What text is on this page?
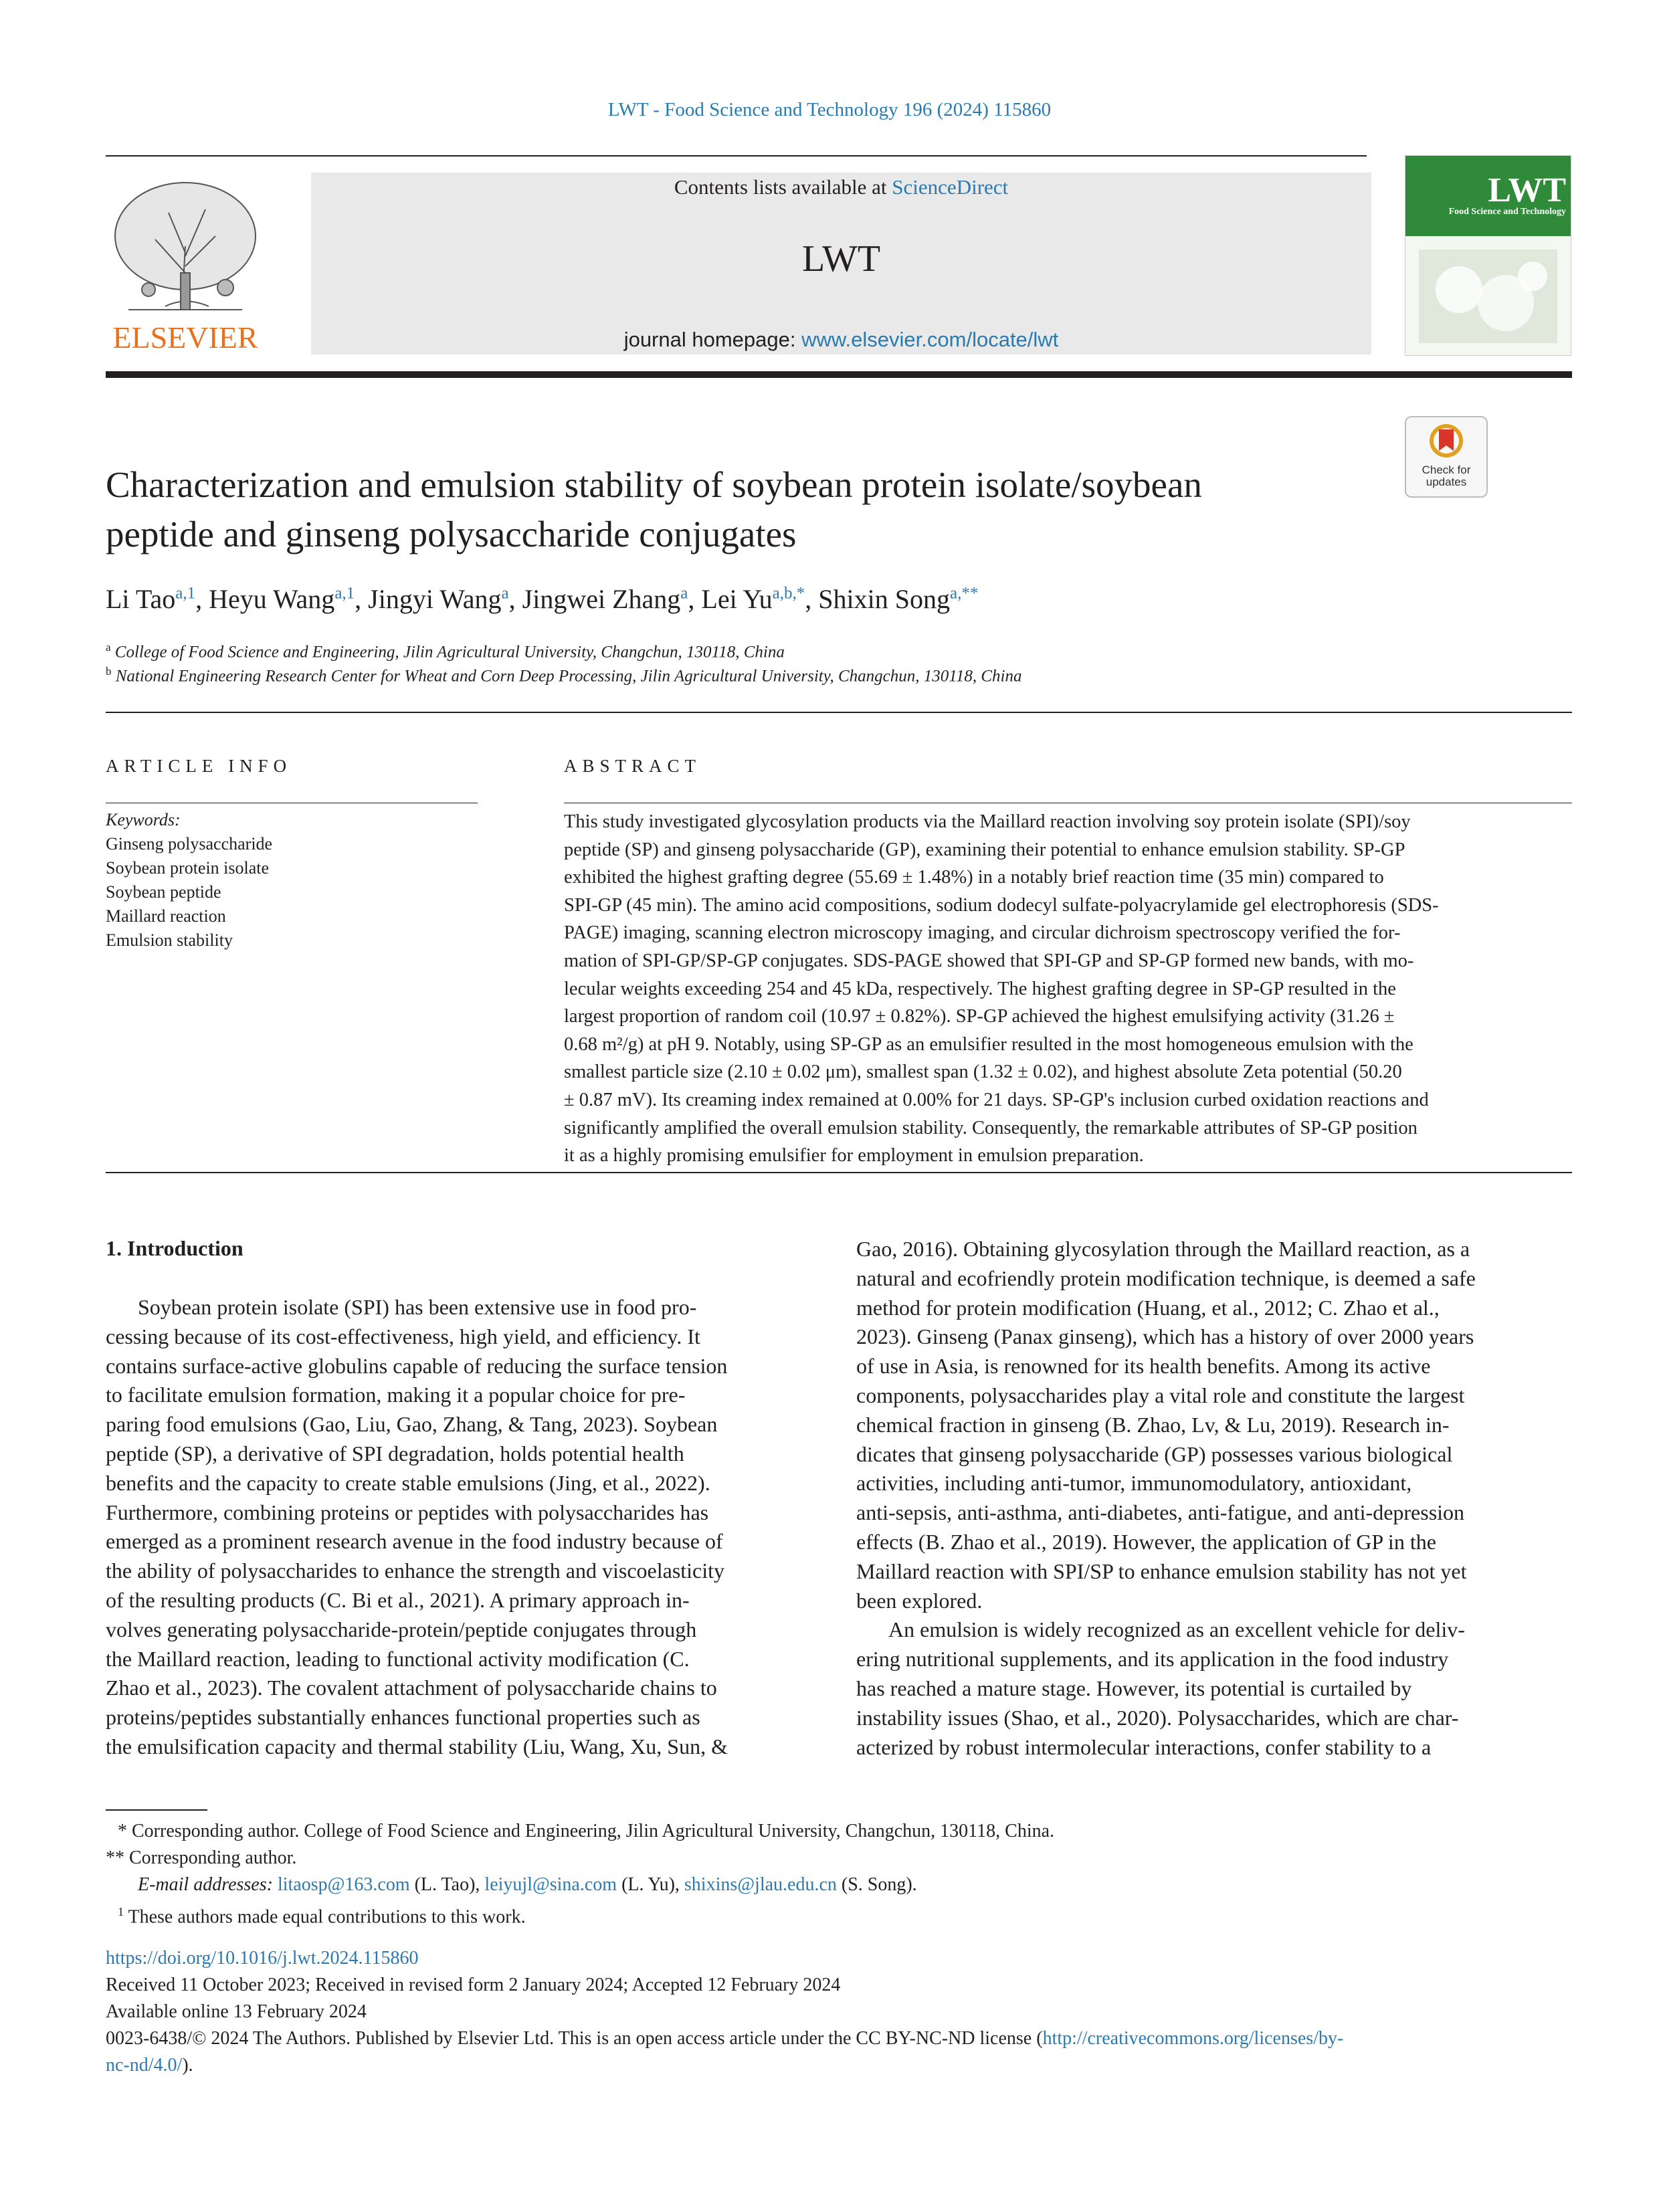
LWT - Food Science and Technology 196 (2024) 115860
ELSEVIER
Contents lists available at ScienceDirect
LWT
journal homepage: www.elsevier.com/locate/lwt
LWT
Food Science and Technology
Check for updates
Characterization and emulsion stability of soybean protein isolate/soybean
peptide and ginseng polysaccharide conjugates
Li Tao$^{a,1}$, Heyu Wang$^{a,1}$, Jingyi Wang$^a$, Jingwei Zhang$^a$, Lei $Yu^{a,b,*}$, Shixin Song$^{a,**}$
$^a$ College of Food Science and Engineering, Jilin Agricultural University, Changchun, 130118, China
$^b$ National Engineering Research Center for Wheat and Corn Deep Processing, Jilin Agricultural University, Changchun, 130118, China
ARTICLE INFO	ABSTRACT
Keywords:
Ginseng polysaccharide
Soybean protein isolate
Soybean peptide
Maillard reaction
Emulsion stability
This study investigated glycosylation products via the Maillard reaction involving soy protein isolate (SPI)/soy
peptide (SP) and ginseng polysaccharide (GP), examining their potential to enhance emulsion stability. SP-GP
exhibited the highest grafting degree (55.69 ± 1.48%) in a notably brief reaction time (35 min) compared to
SPI-GP (45 min). The amino acid compositions, sodium dodecyl sulfate-polyacrylamide gel electrophoresis (SDS-
PAGE) imaging, scanning electron microscopy imaging, and circular dichroism spectroscopy verified the for-
mation of SPI-GP/SP-GP conjugates. SDS-PAGE showed that SPI-GP and SP-GP formed new bands, with mo-
lecular weights exceeding 254 and 45 kDa, respectively. The highest grafting degree in SP-GP resulted in the
largest proportion of random coil (10.97 ± 0.82%). SP-GP achieved the highest emulsifying activity (31.26 ±
0.68 m²/g) at pH 9. Notably, using SP-GP as an emulsifier resulted in the most homogeneous emulsion with the
smallest particle size (2.10 ± 0.02 μm), smallest span (1.32 ± 0.02), and highest absolute Zeta potential (50.20
± 0.87 mV). Its creaming index remained at 0.00% for 21 days. SP-GP's inclusion curbed oxidation reactions and
significantly amplified the overall emulsion stability. Consequently, the remarkable attributes of SP-GP position
it as a highly promising emulsifier for employment in emulsion preparation.
1. Introduction
Soybean protein isolate (SPI) has been extensive use in food pro-
cessing because of its cost-effectiveness, high yield, and efficiency. It
contains surface-active globulins capable of reducing the surface tension
to facilitate emulsion formation, making it a popular choice for pre-
paring food emulsions (Gao, Liu, Gao, Zhang, & Tang, 2023). Soybean
peptide (SP), a derivative of SPI degradation, holds potential health
benefits and the capacity to create stable emulsions (Jing, et al., 2022).
Furthermore, combining proteins or peptides with polysaccharides has
emerged as a prominent research avenue in the food industry because of
the ability of polysaccharides to enhance the strength and viscoelasticity
of the resulting products (C. Bi et al., 2021). A primary approach in-
volves generating polysaccharide-protein/peptide conjugates through
the Maillard reaction, leading to functional activity modification (C.
Zhao et al., 2023). The covalent attachment of polysaccharide chains to
proteins/peptides substantially enhances functional properties such as
the emulsification capacity and thermal stability (Liu, Wang, Xu, Sun, &
Gao, 2016). Obtaining glycosylation through the Maillard reaction, as a
natural and ecofriendly protein modification technique, is deemed a safe
method for protein modification (Huang, et al., 2012; C. Zhao et al.,
2023). Ginseng (Panax ginseng), which has a history of over 2000 years
of use in Asia, is renowned for its health benefits. Among its active
components, polysaccharides play a vital role and constitute the largest
chemical fraction in ginseng (B. Zhao, Lv, & Lu, 2019). Research in-
dicates that ginseng polysaccharide (GP) possesses various biological
activities, including anti-tumor, immunomodulatory, antioxidant,
anti-sepsis, anti-asthma, anti-diabetes, anti-fatigue, and anti-depression
effects (B. Zhao et al., 2019). However, the application of GP in the
Maillard reaction with SPI/SP to enhance emulsion stability has not yet
been explored.
An emulsion is widely recognized as an excellent vehicle for deliv-
ering nutritional supplements, and its application in the food industry
has reached a mature stage. However, its potential is curtailed by
instability issues (Shao, et al., 2020). Polysaccharides, which are char-
acterized by robust intermolecular interactions, confer stability to a
* Corresponding author. College of Food Science and Engineering, Jilin Agricultural University, Changchun, 130118, China.
** Corresponding author.
E-mail addresses: litaosp@163.com (L. Tao), leiyujl@sina.com (L. Yu), shixins@jlau.edu.cn (S. Song).
$^1$ These authors made equal contributions to this work.
https://doi.org/10.1016/j.lwt.2024.115860
Received 11 October 2023; Received in revised form 2 January 2024; Accepted 12 February 2024
Available online 13 February 2024
0023-6438/© 2024 The Authors. Published by Elsevier Ltd. This is an open access article under the CC BY-NC-ND license (http://creativecommons.org/licenses/by-
nc-nd/4.0/).
